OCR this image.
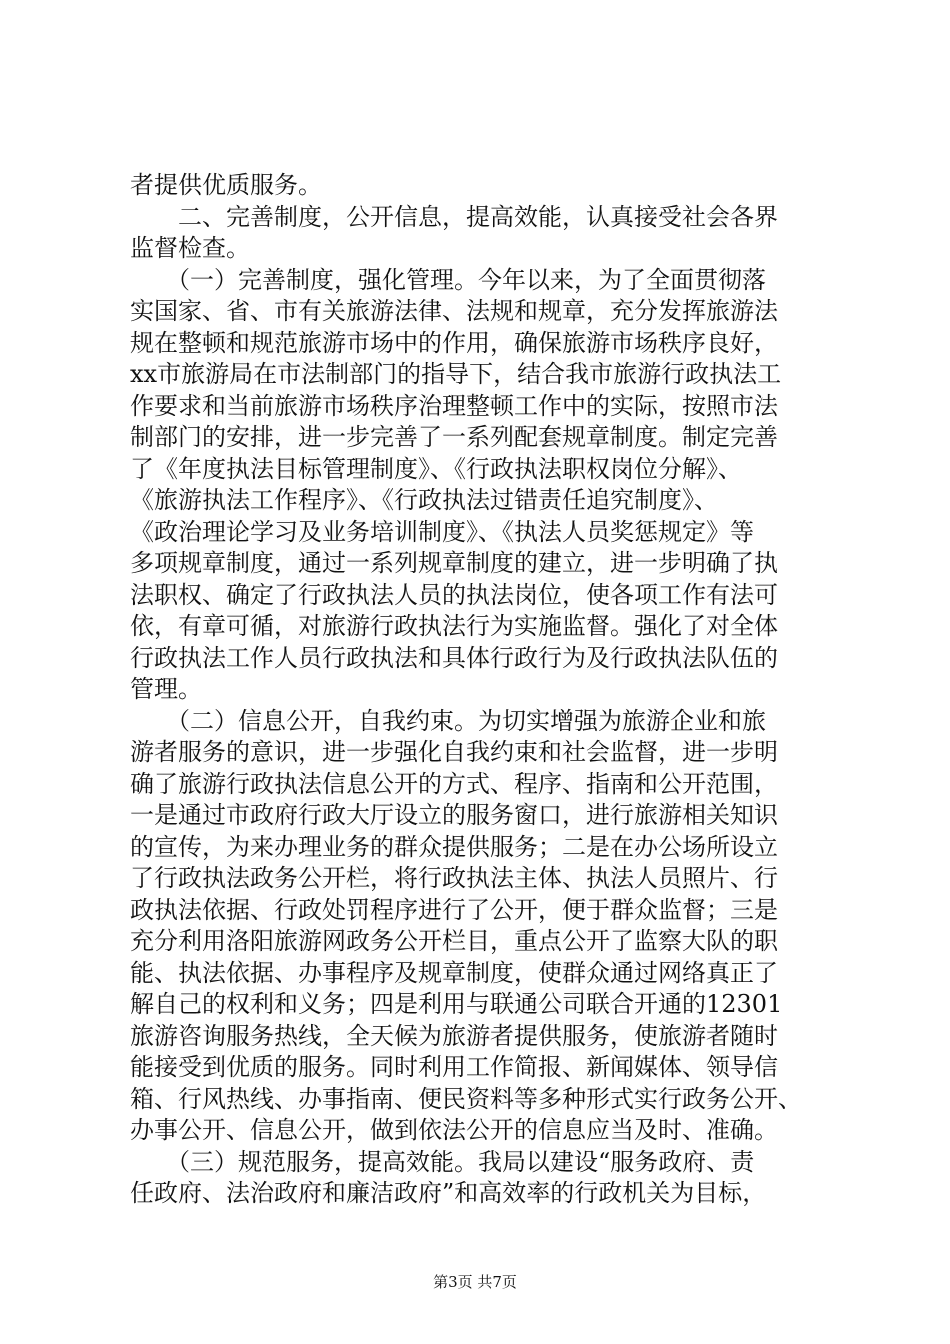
者提供优质服务。
　　二、完善制度，公开信息，提高效能，认真接受社会各界
监督检查。
　　（一）完善制度，强化管理。今年以来，为了全面贯彻落
实国家、省、市有关旅游法律、法规和规章，充分发挥旅游法
规在整顿和规范旅游市场中的作用，确保旅游市场秩序良好，
xx市旅游局在市法制部门的指导下，结合我市旅游行政执法工
作要求和当前旅游市场秩序治理整顿工作中的实际，按照市法
制部门的安排，进一步完善了一系列配套规章制度。制定完善
了《年度执法目标管理制度》、《行政执法职权岗位分解》、
《旅游执法工作程序》、《行政执法过错责任追究制度》、
《政治理论学习及业务培训制度》、《执法人员奖惩规定》等
多项规章制度，通过一系列规章制度的建立，进一步明确了执
法职权、确定了行政执法人员的执法岗位，使各项工作有法可
依，有章可循，对旅游行政执法行为实施监督。强化了对全体
行政执法工作人员行政执法和具体行政行为及行政执法队伍的
管理。
　　（二）信息公开，自我约束。为切实增强为旅游企业和旅
游者服务的意识，进一步强化自我约束和社会监督，进一步明
确了旅游行政执法信息公开的方式、程序、指南和公开范围，
一是通过市政府行政大厅设立的服务窗口，进行旅游相关知识
的宣传，为来办理业务的群众提供服务；二是在办公场所设立
了行政执法政务公开栏，将行政执法主体、执法人员照片、行
政执法依据、行政处罚程序进行了公开，便于群众监督；三是
充分利用洛阳旅游网政务公开栏目，重点公开了监察大队的职
能、执法依据、办事程序及规章制度，使群众通过网络真正了
解自己的权利和义务；四是利用与联通公司联合开通的12301
旅游咨询服务热线，全天候为旅游者提供服务，使旅游者随时
能接受到优质的服务。同时利用工作简报、新闻媒体、领导信
箱、行风热线、办事指南、便民资料等多种形式实行政务公开、
办事公开、信息公开，做到依法公开的信息应当及时、准确。
　　（三）规范服务，提高效能。我局以建设“服务政府、责
任政府、法治政府和廉洁政府”和高效率的行政机关为目标，
第3页 共7页
